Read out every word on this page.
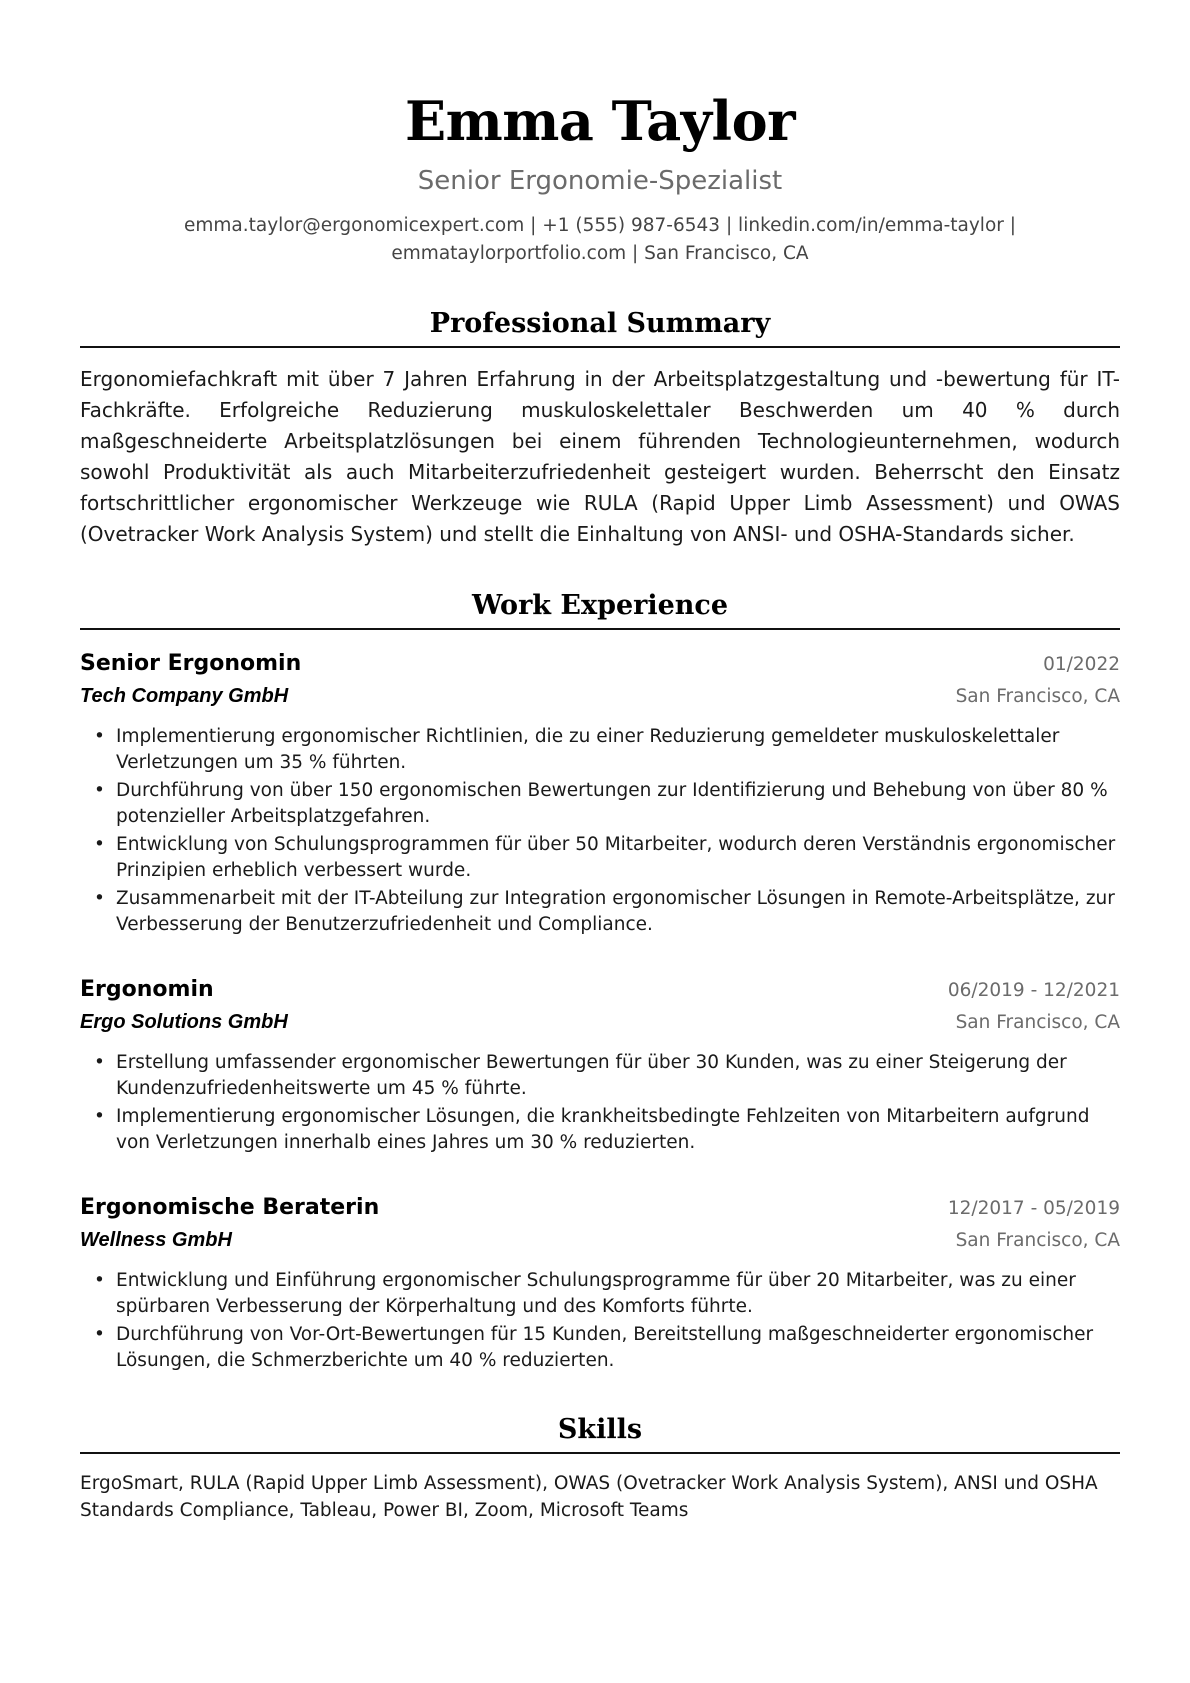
Emma Taylor
Senior Ergonomie-Spezialist
emma.taylor@ergonomicexpert.com | +1 (555) 987-6543 | linkedin.com/in/emma-taylor |
emmataylorportfolio.com | San Francisco, CA
Professional Summary
Ergonomiefachkraft mit über 7 Jahren Erfahrung in der Arbeitsplatzgestaltung und -bewertung für IT-Fachkräfte. Erfolgreiche Reduzierung muskuloskelettaler Beschwerden um 40 % durch maßgeschneiderte Arbeitsplatzlösungen bei einem führenden Technologieunternehmen, wodurch sowohl Produktivität als auch Mitarbeiterzufriedenheit gesteigert wurden. Beherrscht den Einsatz fortschrittlicher ergonomischer Werkzeuge wie RULA (Rapid Upper Limb Assessment) und OWAS (Ovetracker Work Analysis System) und stellt die Einhaltung von ANSI- und OSHA-Standards sicher.
Work Experience
Senior Ergonomin	01/2022
Tech Company GmbH	San Francisco, CA
• Implementierung ergonomischer Richtlinien, die zu einer Reduzierung gemeldeter muskuloskelettaler Verletzungen um 35 % führten.
• Durchführung von über 150 ergonomischen Bewertungen zur Identifizierung und Behebung von über 80 % potenzieller Arbeitsplatzgefahren.
• Entwicklung von Schulungsprogrammen für über 50 Mitarbeiter, wodurch deren Verständnis ergonomischer Prinzipien erheblich verbessert wurde.
• Zusammenarbeit mit der IT-Abteilung zur Integration ergonomischer Lösungen in Remote-Arbeitsplätze, zur Verbesserung der Benutzerzufriedenheit und Compliance.
Ergonomin	06/2019 - 12/2021
Ergo Solutions GmbH	San Francisco, CA
• Erstellung umfassender ergonomischer Bewertungen für über 30 Kunden, was zu einer Steigerung der Kundenzufriedenheitswerte um 45 % führte.
• Implementierung ergonomischer Lösungen, die krankheitsbedingte Fehlzeiten von Mitarbeitern aufgrund von Verletzungen innerhalb eines Jahres um 30 % reduzierten.
Ergonomische Beraterin	12/2017 - 05/2019
Wellness GmbH	San Francisco, CA
• Entwicklung und Einführung ergonomischer Schulungsprogramme für über 20 Mitarbeiter, was zu einer spürbaren Verbesserung der Körperhaltung und des Komforts führte.
• Durchführung von Vor-Ort-Bewertungen für 15 Kunden, Bereitstellung maßgeschneiderter ergonomischer Lösungen, die Schmerzberichte um 40 % reduzierten.
Skills
ErgoSmart, RULA (Rapid Upper Limb Assessment), OWAS (Ovetracker Work Analysis System), ANSI und OSHA Standards Compliance, Tableau, Power BI, Zoom, Microsoft Teams
